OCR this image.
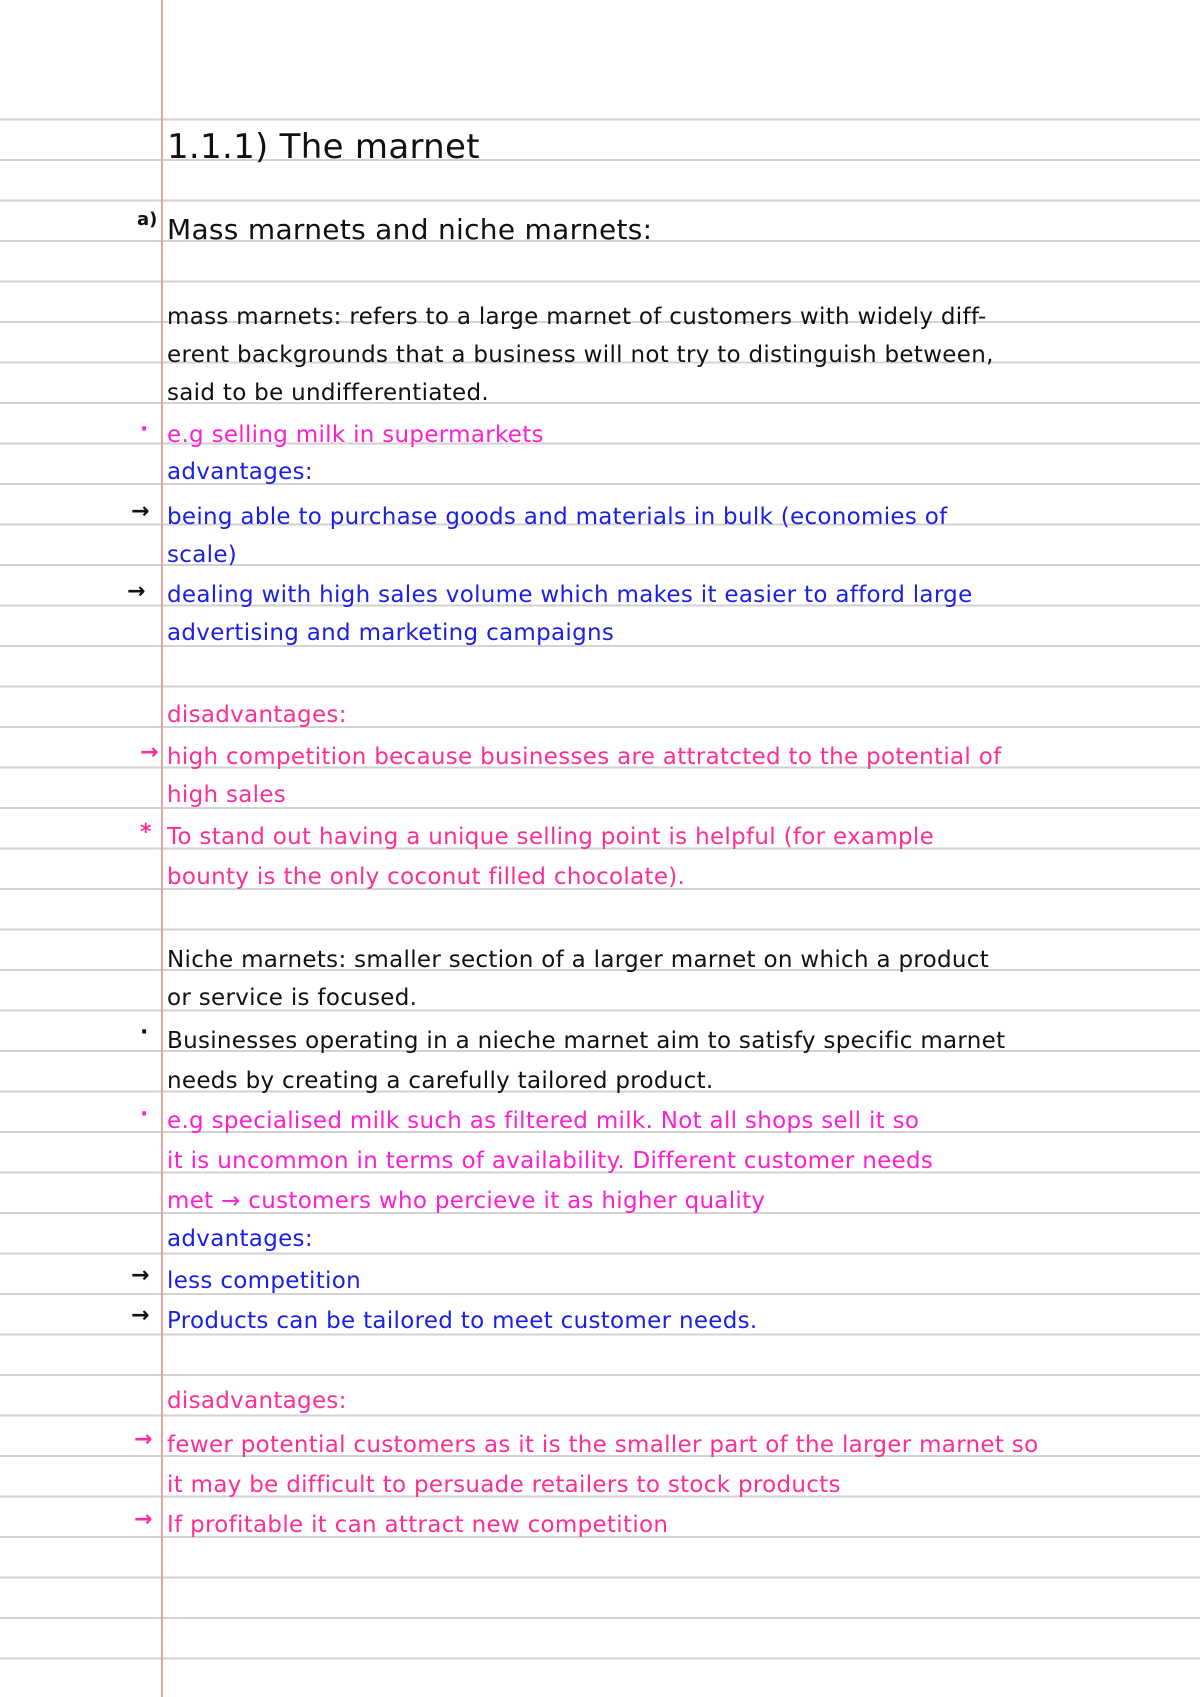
1.1.1) The marnet
a) Mass marnets and niche marnets:
mass marnets: refers to a large marnet of customers with widely diff-
erent backgrounds that a business will not try to distinguish between,
said to be undifferentiated.
· e.g selling milk in supermarkets
advantages:
→ being able to purchase goods and materials in bulk (economies of
scale)
→ dealing with high sales volume which makes it easier to afford large
advertising and marketing campaigns
disadvantages:
→ high competition because businesses are attratcted to the potential of
high sales
* To stand out having a unique selling point is helpful (for example
bounty is the only coconut filled chocolate).
Niche marnets: smaller section of a larger marnet on which a product
or service is focused.
· Businesses operating in a nieche marnet aim to satisfy specific marnet
needs by creating a carefully tailored product.
· e.g specialised milk such as filtered milk. Not all shops sell it so
it is uncommon in terms of availability. Different customer needs
met → customers who percieve it as higher quality
advantages:
→ less competition
→ Products can be tailored to meet customer needs.
disadvantages:
→ fewer potential customers as it is the smaller part of the larger marnet so
it may be difficult to persuade retailers to stock products
→ If profitable it can attract new competition
